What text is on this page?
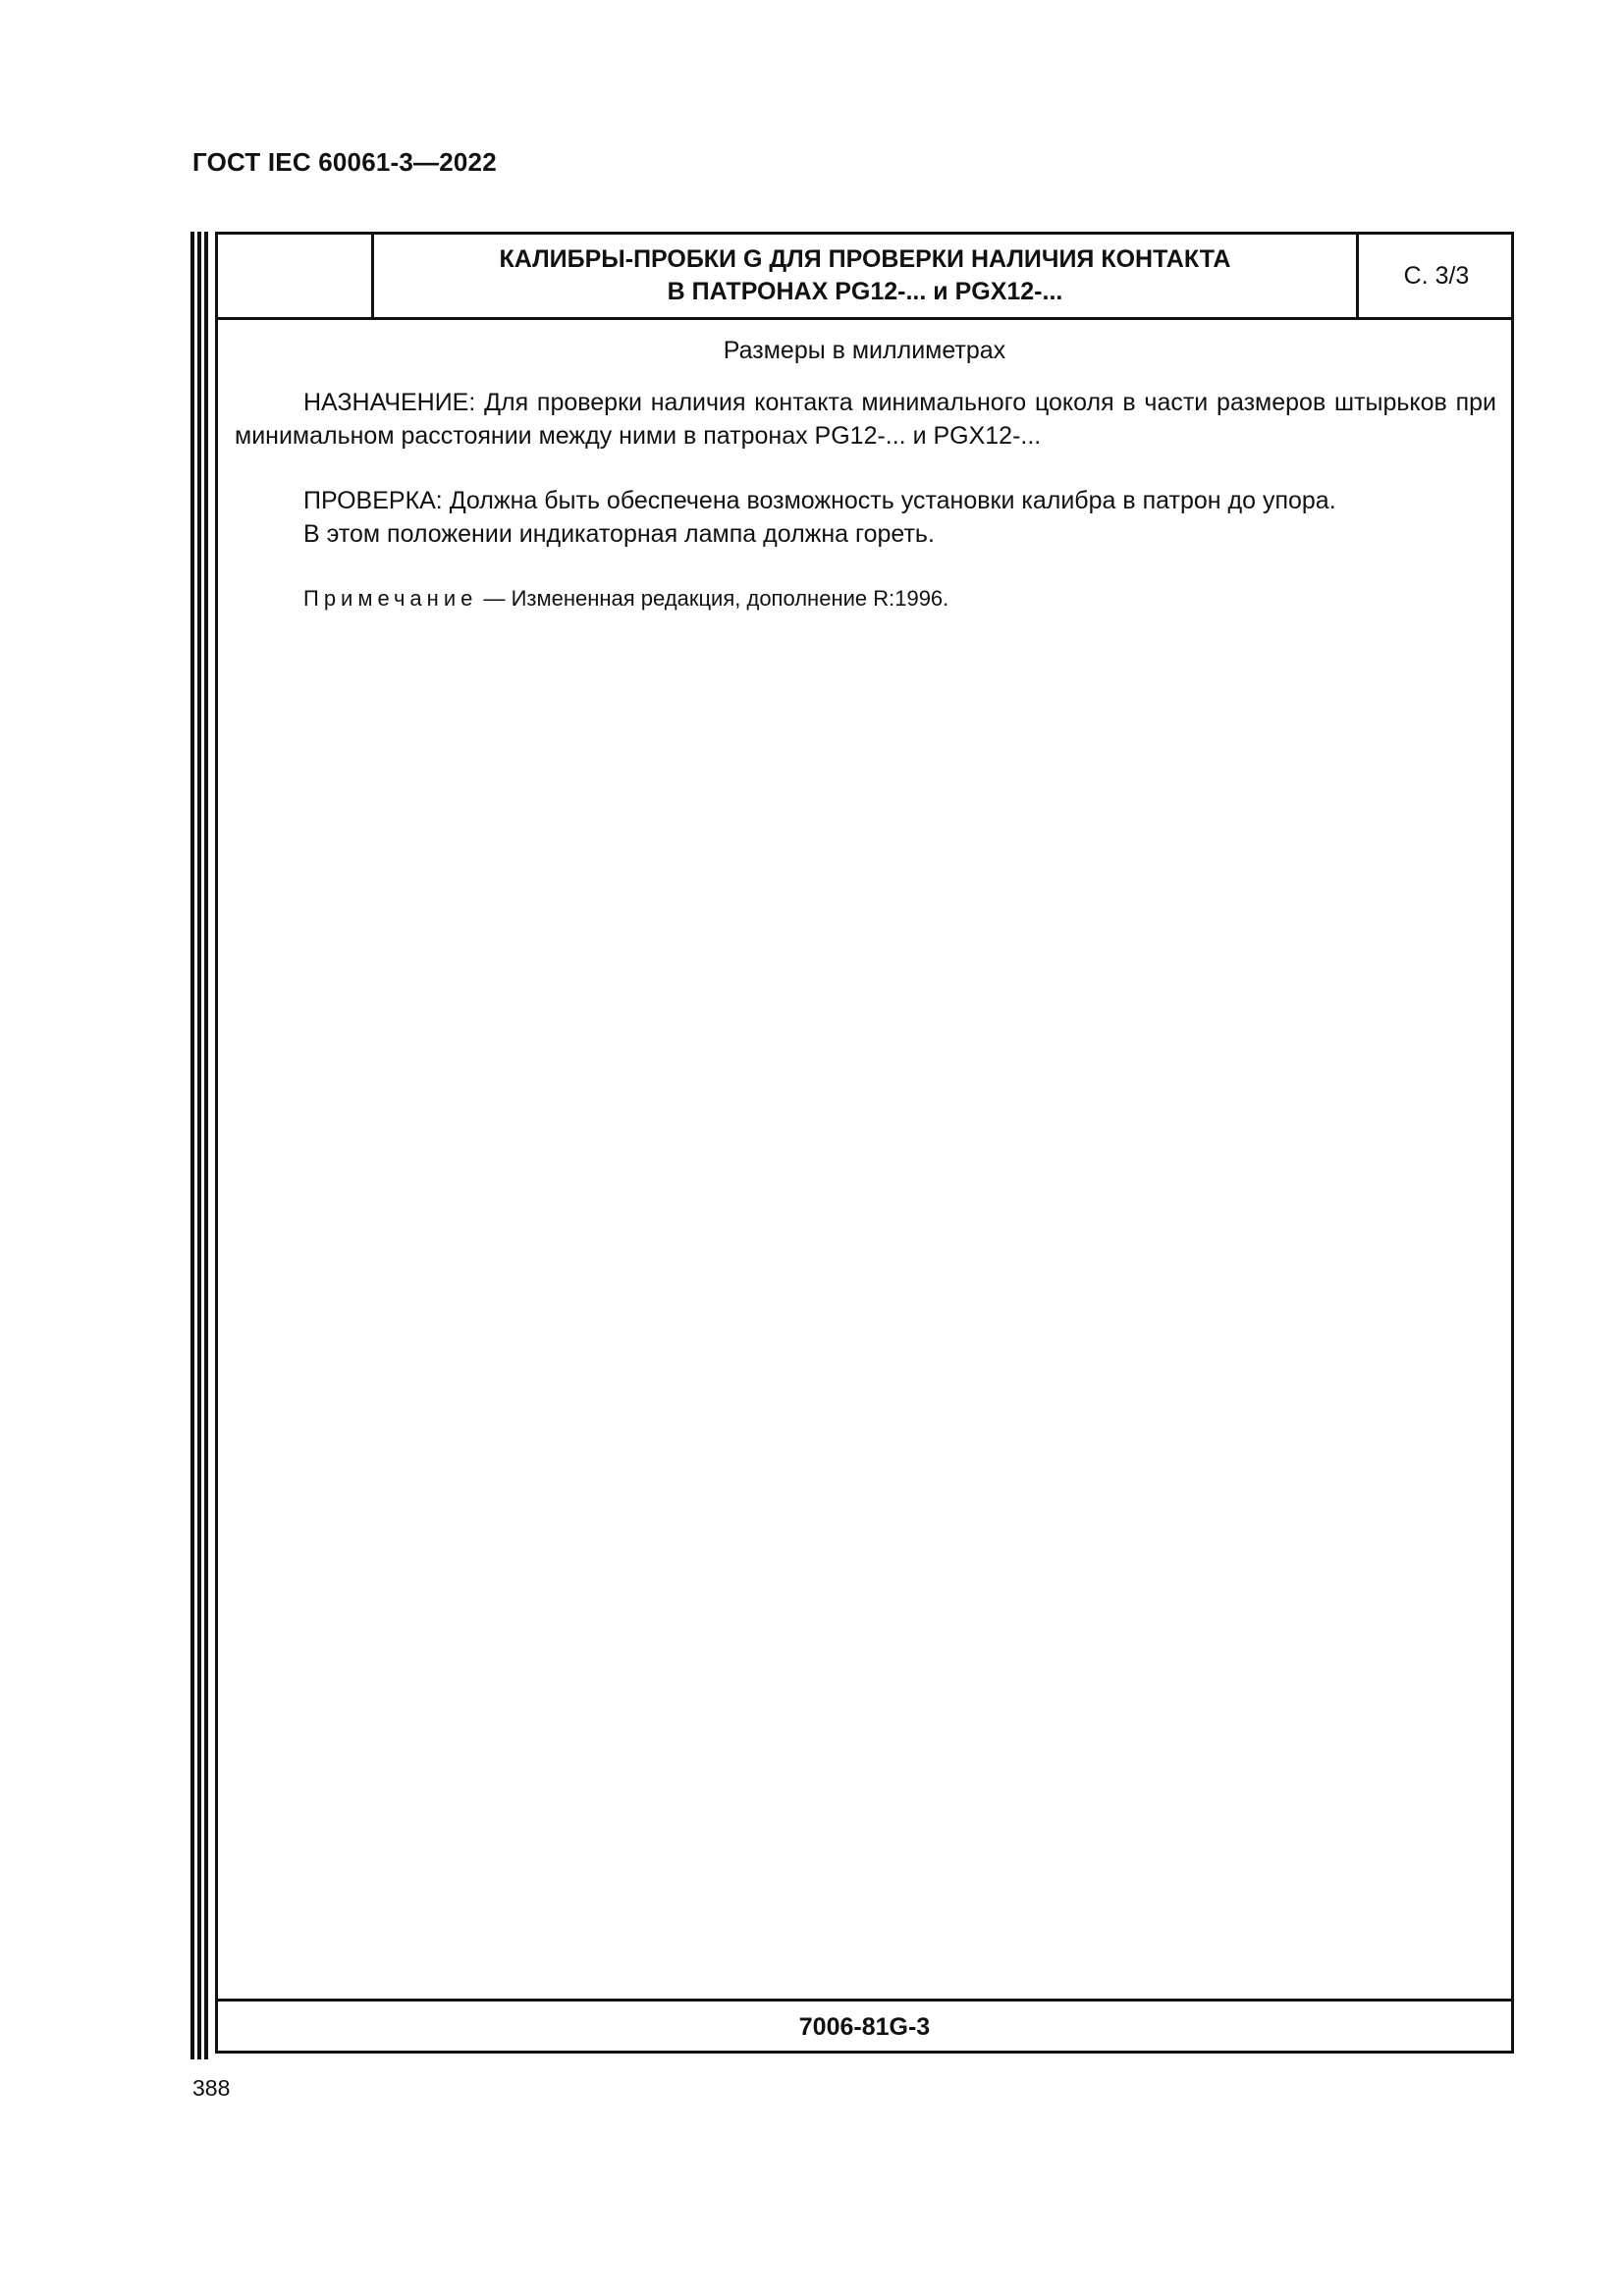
ГОСТ IEC 60061-3—2022
КАЛИБРЫ-ПРОБКИ G ДЛЯ ПРОВЕРКИ НАЛИЧИЯ КОНТАКТА
В ПАТРОНАХ PG12-... и PGX12-...
С. 3/3
Размеры в миллиметрах
НАЗНАЧЕНИЕ: Для проверки наличия контакта минимального цоколя в части размеров штырьков при минимальном расстоянии между ними в патронах PG12-... и PGX12-...
ПРОВЕРКА: Должна быть обеспечена возможность установки калибра в патрон до упора.
В этом положении индикаторная лампа должна гореть.
Примечание — Измененная редакция, дополнение R:1996.
7006-81G-3
388
